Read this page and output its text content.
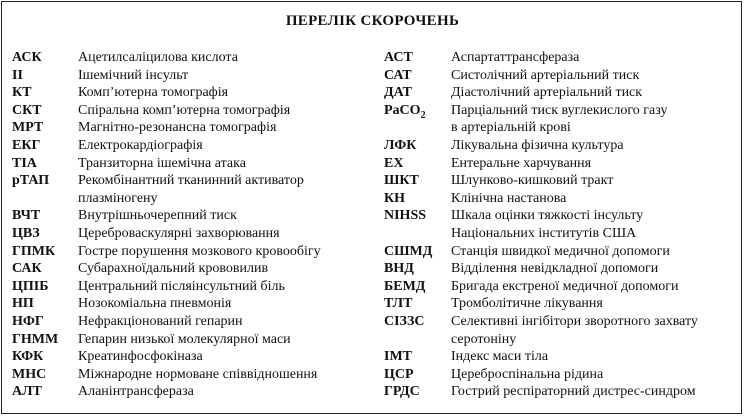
ПЕРЕЛІК СКОРОЧЕНЬ
АСК	Ацетилсаліцилова кислота
ІІ	Ішемічний інсульт
КТ	Комп’ютерна томографія
СКТ	Спіральна комп’ютерна томографія
МРТ	Магнітно-резонансна томографія
ЕКГ	Електрокардіографія
ТІА	Транзиторна ішемічна атака
рТАП	Рекомбінантний тканинний активатор
плазміногену
ВЧТ	Внутрішньочерепний тиск
ЦВЗ	Цереброваскулярні захворювання
ГПМК	Гостре порушення мозкового кровообігу
САК	Субарахноїдальний крововилив
ЦПІБ	Центральний післяінсультний біль
НП	Нозокоміальна пневмонія
НФГ	Нефракціонований гепарин
ГНММ	Гепарин низької молекулярної маси
КФК	Креатинфосфокіназа
МНС	Міжнародне нормоване співвідношення
АЛТ	Аланінтрансфераза
АСТ	Аспартаттрансфераза
САТ	Систолічний артеріальний тиск
ДАТ	Діастолічний артеріальний тиск
PaCO$_2$	Парціальний тиск вуглекислого газу
в артеріальній крові
ЛФК	Лікувальна фізична культура
ЕХ	Ентеральне харчування
ШКТ	Шлунково-кишковий тракт
КН	Клінічна настанова
NIHSS	Шкала оцінки тяжкості інсульту
Національних інститутів США
СШМД	Станція швидкої медичної допомоги
ВНД	Відділення невідкладної допомоги
БЕМД	Бригада екстреної медичної допомоги
ТЛТ	Тромболітичне лікування
СІЗЗС	Селективні інгібітори зворотного захвату
серотоніну
ІМТ	Індекс маси тіла
ЦСР	Цереброспінальна рідина
ГРДС	Гострий респіраторний дистрес-синдром
